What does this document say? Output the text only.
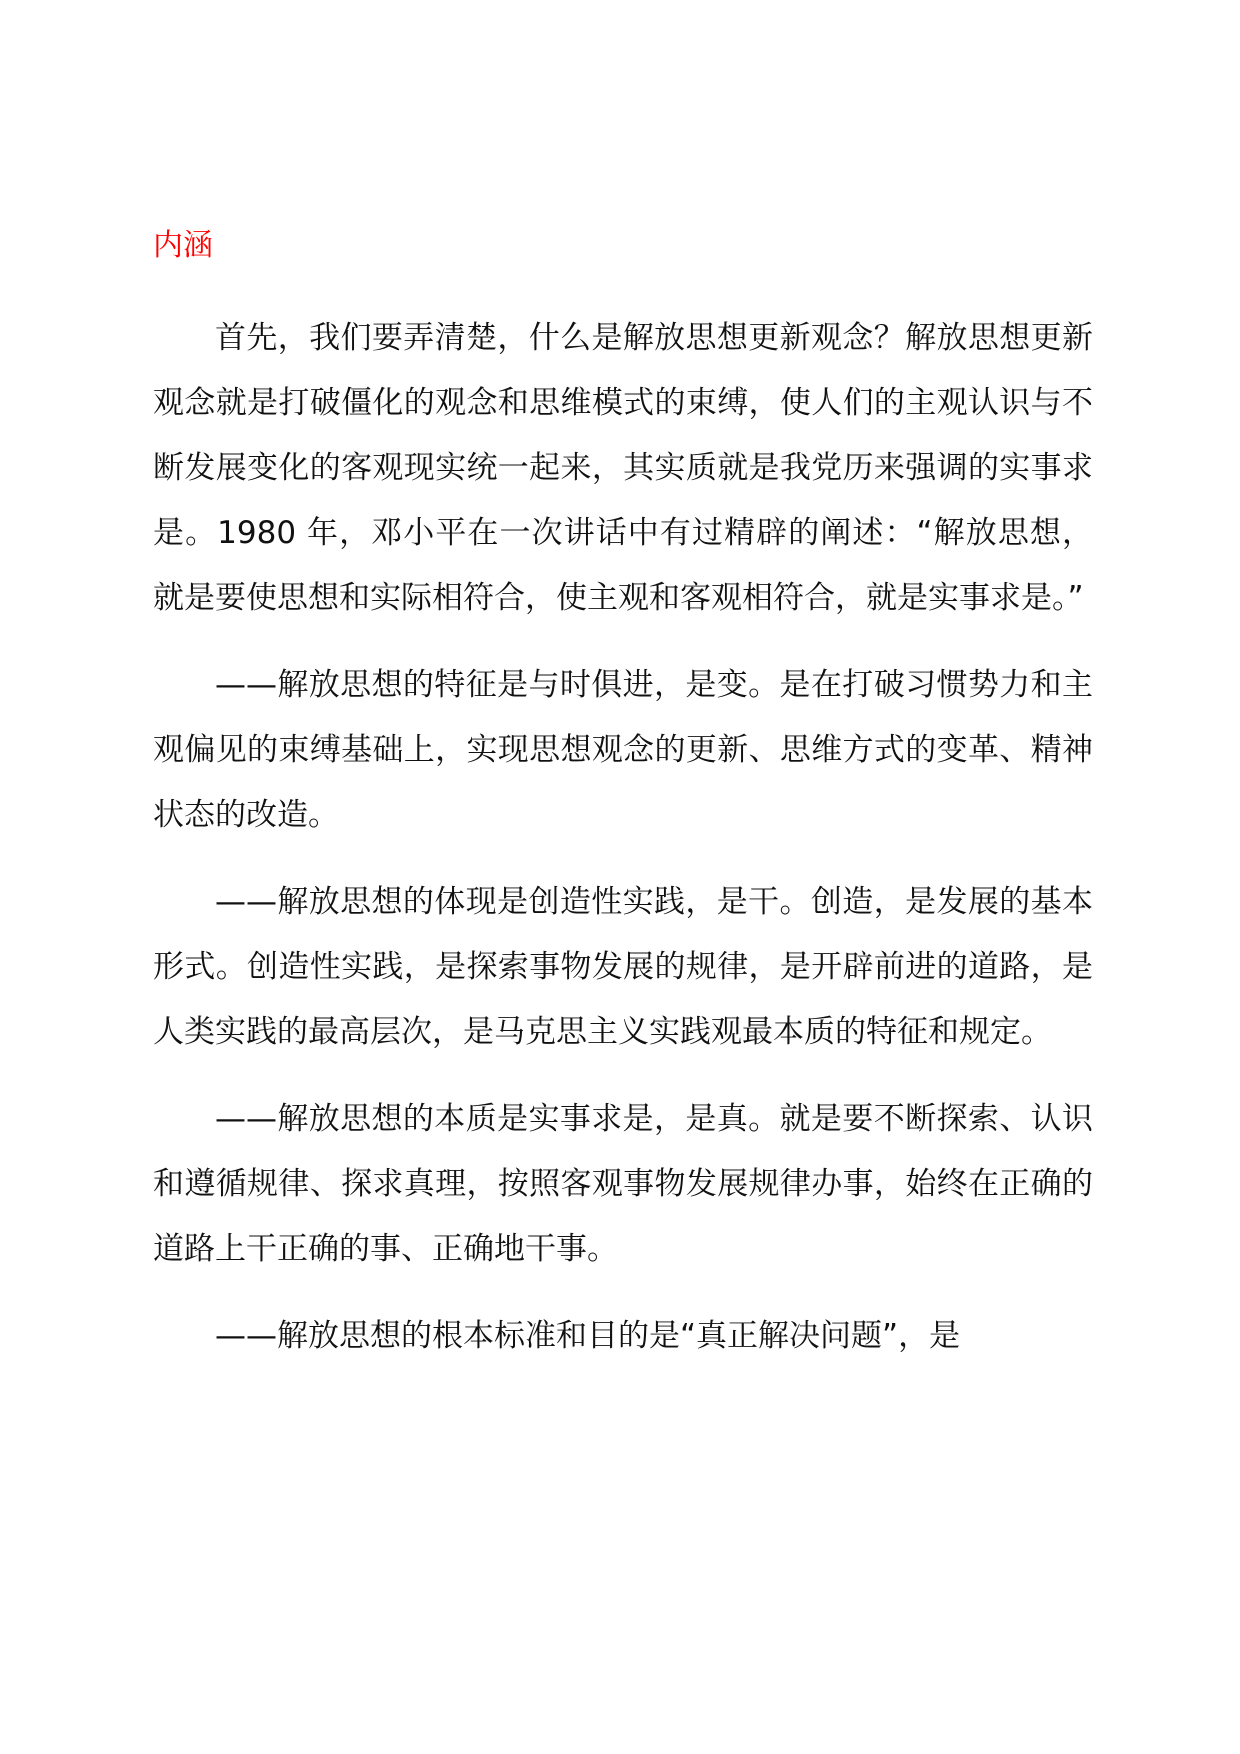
内涵

首先，我们要弄清楚，什么是解放思想更新观念？解放思想更新观念就是打破僵化的观念和思维模式的束缚，使人们的主观认识与不断发展变化的客观现实统一起来，其实质就是我党历来强调的实事求是。1980 年，邓小平在一次讲话中有过精辟的阐述：“解放思想，就是要使思想和实际相符合，使主观和客观相符合，就是实事求是。”

——解放思想的特征是与时俱进，是变。是在打破习惯势力和主观偏见的束缚基础上，实现思想观念的更新、思维方式的变革、精神状态的改造。

——解放思想的体现是创造性实践，是干。创造，是发展的基本形式。创造性实践，是探索事物发展的规律，是开辟前进的道路，是人类实践的最高层次，是马克思主义实践观最本质的特征和规定。

——解放思想的本质是实事求是，是真。就是要不断探索、认识和遵循规律、探求真理，按照客观事物发展规律办事，始终在正确的道路上干正确的事、正确地干事。

——解放思想的根本标准和目的是“真正解决问题”，是
